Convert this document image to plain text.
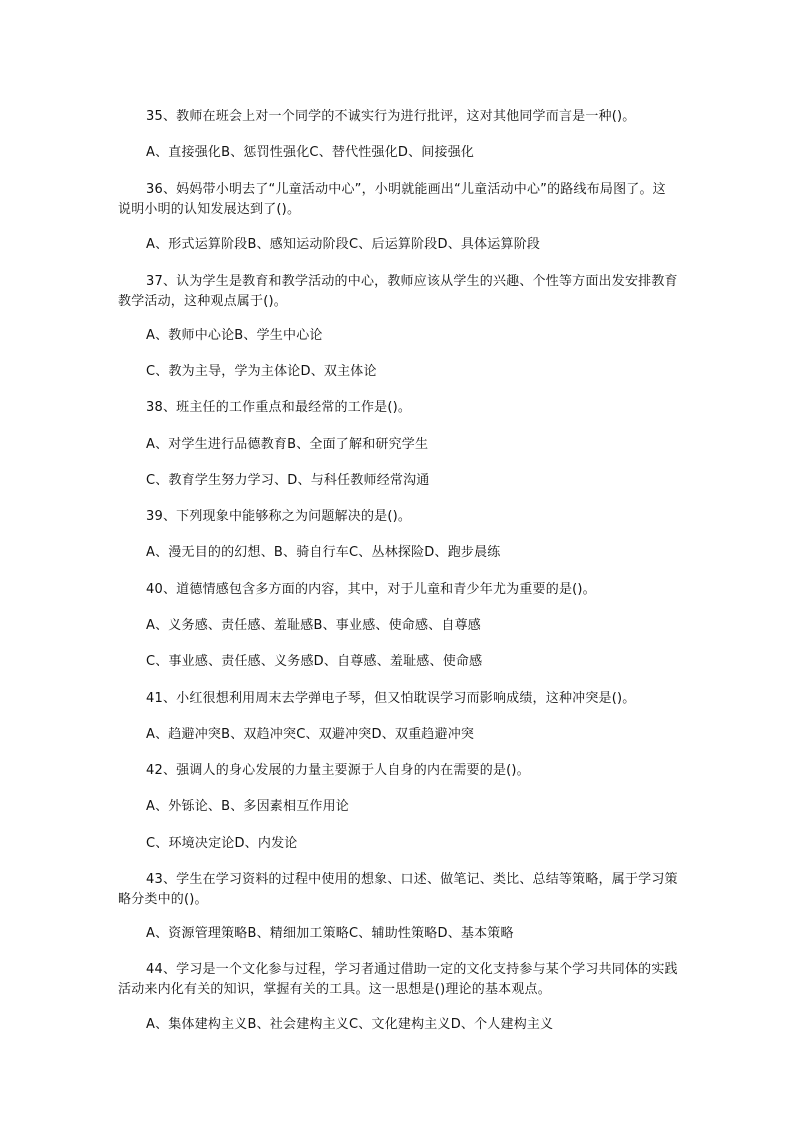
35、教师在班会上对一个同学的不诚实行为进行批评，这对其他同学而言是一种()。

A、直接强化B、惩罚性强化C、替代性强化D、间接强化

36、妈妈带小明去了“儿童活动中心”，小明就能画出“儿童活动中心”的路线布局图了。这说明小明的认知发展达到了()。

A、形式运算阶段B、感知运动阶段C、后运算阶段D、具体运算阶段

37、认为学生是教育和教学活动的中心，教师应该从学生的兴趣、个性等方面出发安排教育教学活动，这种观点属于()。

A、教师中心论B、学生中心论

C、教为主导，学为主体论D、双主体论

38、班主任的工作重点和最经常的工作是()。

A、对学生进行品德教育B、全面了解和研究学生

C、教育学生努力学习、D、与科任教师经常沟通

39、下列现象中能够称之为问题解决的是()。

A、漫无目的的幻想、B、骑自行车C、丛林探险D、跑步晨练

40、道德情感包含多方面的内容，其中，对于儿童和青少年尤为重要的是()。

A、义务感、责任感、羞耻感B、事业感、使命感、自尊感

C、事业感、责任感、义务感D、自尊感、羞耻感、使命感

41、小红很想利用周末去学弹电子琴，但又怕耽误学习而影响成绩，这种冲突是()。

A、趋避冲突B、双趋冲突C、双避冲突D、双重趋避冲突

42、强调人的身心发展的力量主要源于人自身的内在需要的是()。

A、外铄论、B、多因素相互作用论

C、环境决定论D、内发论

43、学生在学习资料的过程中使用的想象、口述、做笔记、类比、总结等策略，属于学习策略分类中的()。

A、资源管理策略B、精细加工策略C、辅助性策略D、基本策略

44、学习是一个文化参与过程，学习者通过借助一定的文化支持参与某个学习共同体的实践活动来内化有关的知识，掌握有关的工具。这一思想是()理论的基本观点。

A、集体建构主义B、社会建构主义C、文化建构主义D、个人建构主义
